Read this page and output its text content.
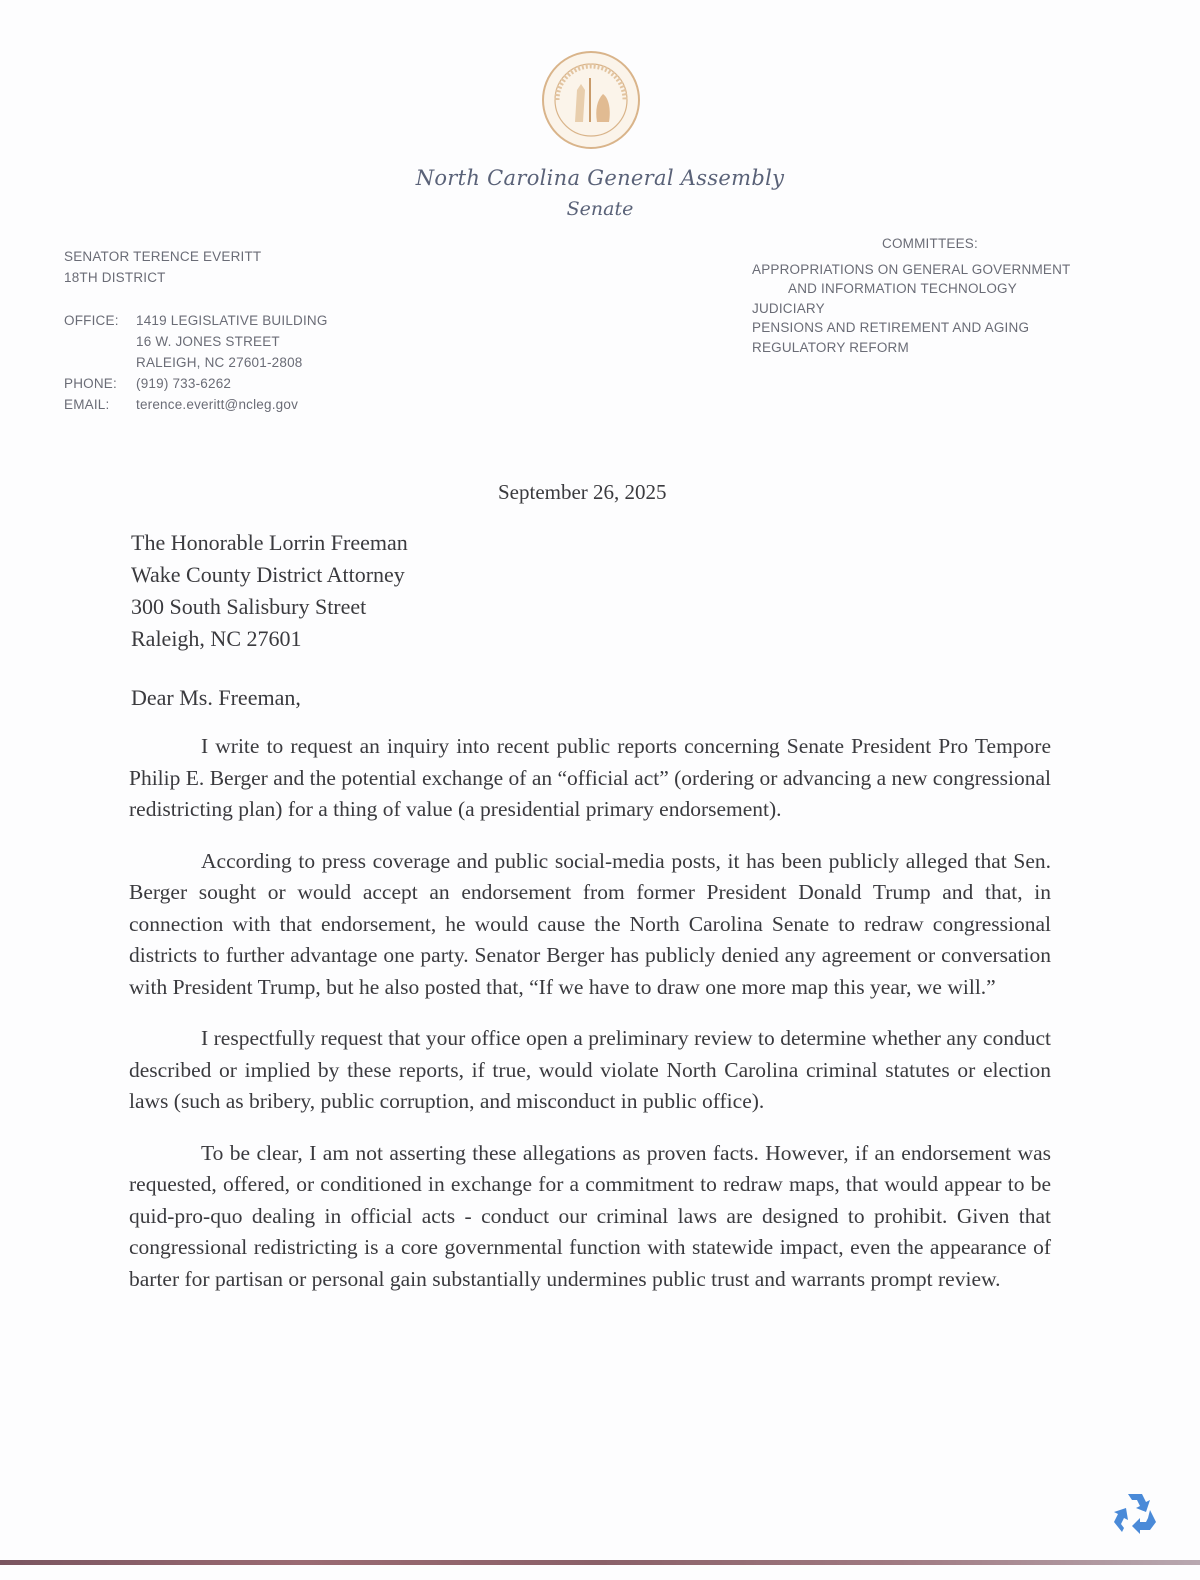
North Carolina General Assembly
Senate
SENATOR TERENCE EVERITT
18TH DISTRICT
OFFICE:	1419 LEGISLATIVE BUILDING
16 W. JONES STREET
RALEIGH, NC 27601-2808
PHONE:	(919) 733-6262
EMAIL:	terence.everitt@ncleg.gov
COMMITTEES:
APPROPRIATIONS ON GENERAL GOVERNMENT
AND INFORMATION TECHNOLOGY
JUDICIARY
PENSIONS AND RETIREMENT AND AGING
REGULATORY REFORM
September 26, 2025
The Honorable Lorrin Freeman
Wake County District Attorney
300 South Salisbury Street
Raleigh, NC 27601
Dear Ms. Freeman,

I write to request an inquiry into recent public reports concerning Senate President Pro Tempore Philip E. Berger and the potential exchange of an “official act” (ordering or advancing a new congressional redistricting plan) for a thing of value (a presidential primary endorsement).

According to press coverage and public social-media posts, it has been publicly alleged that Sen. Berger sought or would accept an endorsement from former President Donald Trump and that, in connection with that endorsement, he would cause the North Carolina Senate to redraw congressional districts to further advantage one party. Senator Berger has publicly denied any agreement or conversation with President Trump, but he also posted that, “If we have to draw one more map this year, we will.”

I respectfully request that your office open a preliminary review to determine whether any conduct described or implied by these reports, if true, would violate North Carolina criminal statutes or election laws (such as bribery, public corruption, and misconduct in public office).

To be clear, I am not asserting these allegations as proven facts. However, if an endorsement was requested, offered, or conditioned in exchange for a commitment to redraw maps, that would appear to be quid-pro-quo dealing in official acts - conduct our criminal laws are designed to prohibit. Given that congressional redistricting is a core governmental function with statewide impact, even the appearance of barter for partisan or personal gain substantially undermines public trust and warrants prompt review.
